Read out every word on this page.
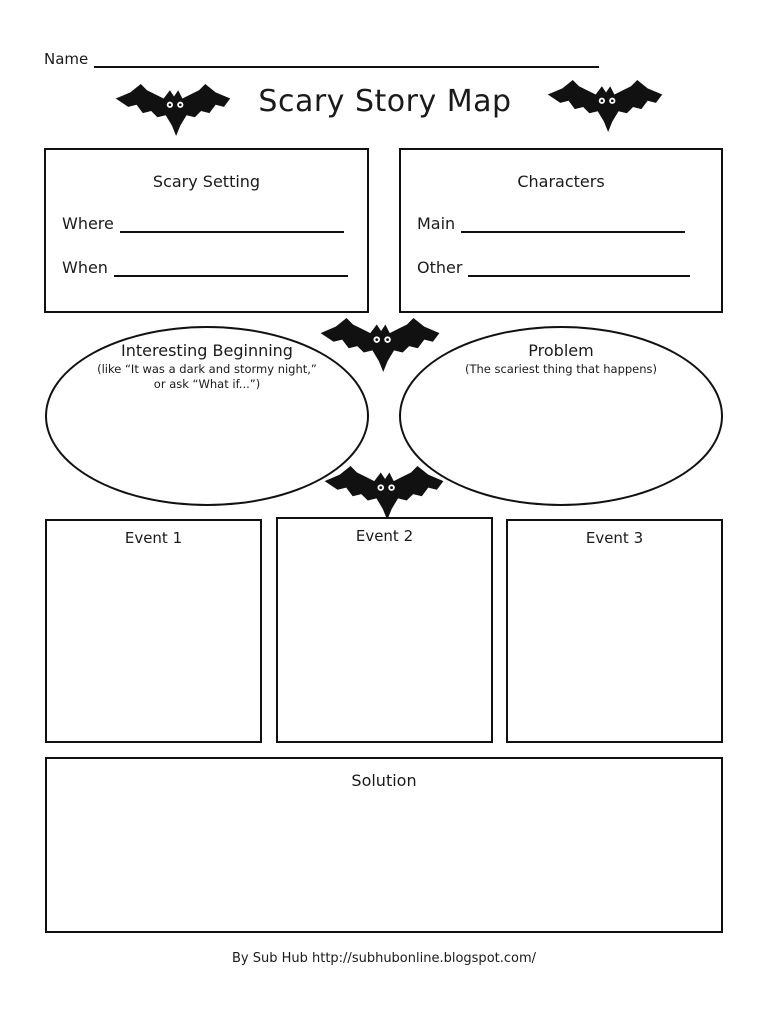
Name
Scary Story Map
Scary Setting
Where
When
Characters
Main
Other
Interesting Beginning
(like “It was a dark and stormy night,”
or ask “What if...”)
Problem
(The scariest thing that happens)
Event 1	Event 2	Event 3
Solution
By Sub Hub http://subhubonline.blogspot.com/
